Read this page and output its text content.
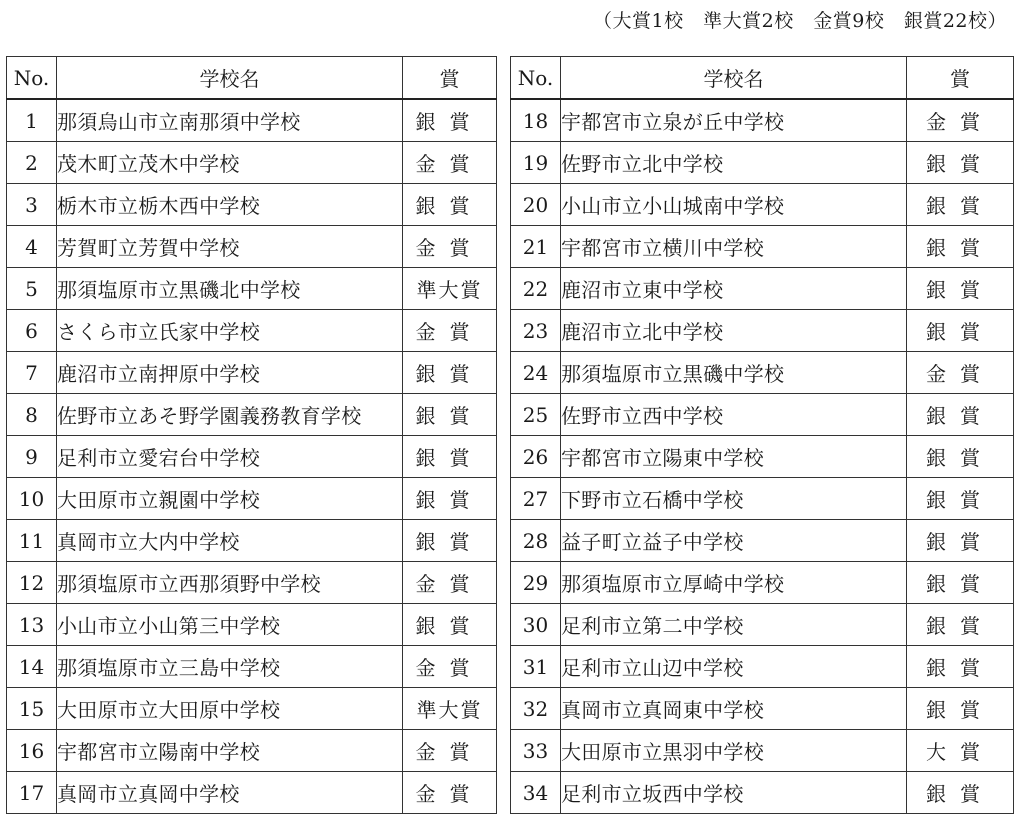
（大賞1校　準大賞2校　金賞9校　銀賞22校）
No.	学校名	賞		No.	学校名	賞
1	那須烏山市立南那須中学校	銀賞		18	宇都宮市立泉が丘中学校	金賞
2	茂木町立茂木中学校	金賞		19	佐野市立北中学校	銀賞
3	栃木市立栃木西中学校	銀賞		20	小山市立小山城南中学校	銀賞
4	芳賀町立芳賀中学校	金賞		21	宇都宮市立横川中学校	銀賞
5	那須塩原市立黒磯北中学校	準大賞		22	鹿沼市立東中学校	銀賞
6	さくら市立氏家中学校	金賞		23	鹿沼市立北中学校	銀賞
7	鹿沼市立南押原中学校	銀賞		24	那須塩原市立黒磯中学校	金賞
8	佐野市立あそ野学園義務教育学校	銀賞		25	佐野市立西中学校	銀賞
9	足利市立愛宕台中学校	銀賞		26	宇都宮市立陽東中学校	銀賞
10	大田原市立親園中学校	銀賞		27	下野市立石橋中学校	銀賞
11	真岡市立大内中学校	銀賞		28	益子町立益子中学校	銀賞
12	那須塩原市立西那須野中学校	金賞		29	那須塩原市立厚崎中学校	銀賞
13	小山市立小山第三中学校	銀賞		30	足利市立第二中学校	銀賞
14	那須塩原市立三島中学校	金賞		31	足利市立山辺中学校	銀賞
15	大田原市立大田原中学校	準大賞		32	真岡市立真岡東中学校	銀賞
16	宇都宮市立陽南中学校	金賞		33	大田原市立黒羽中学校	大賞
17	真岡市立真岡中学校	金賞		34	足利市立坂西中学校	銀賞
